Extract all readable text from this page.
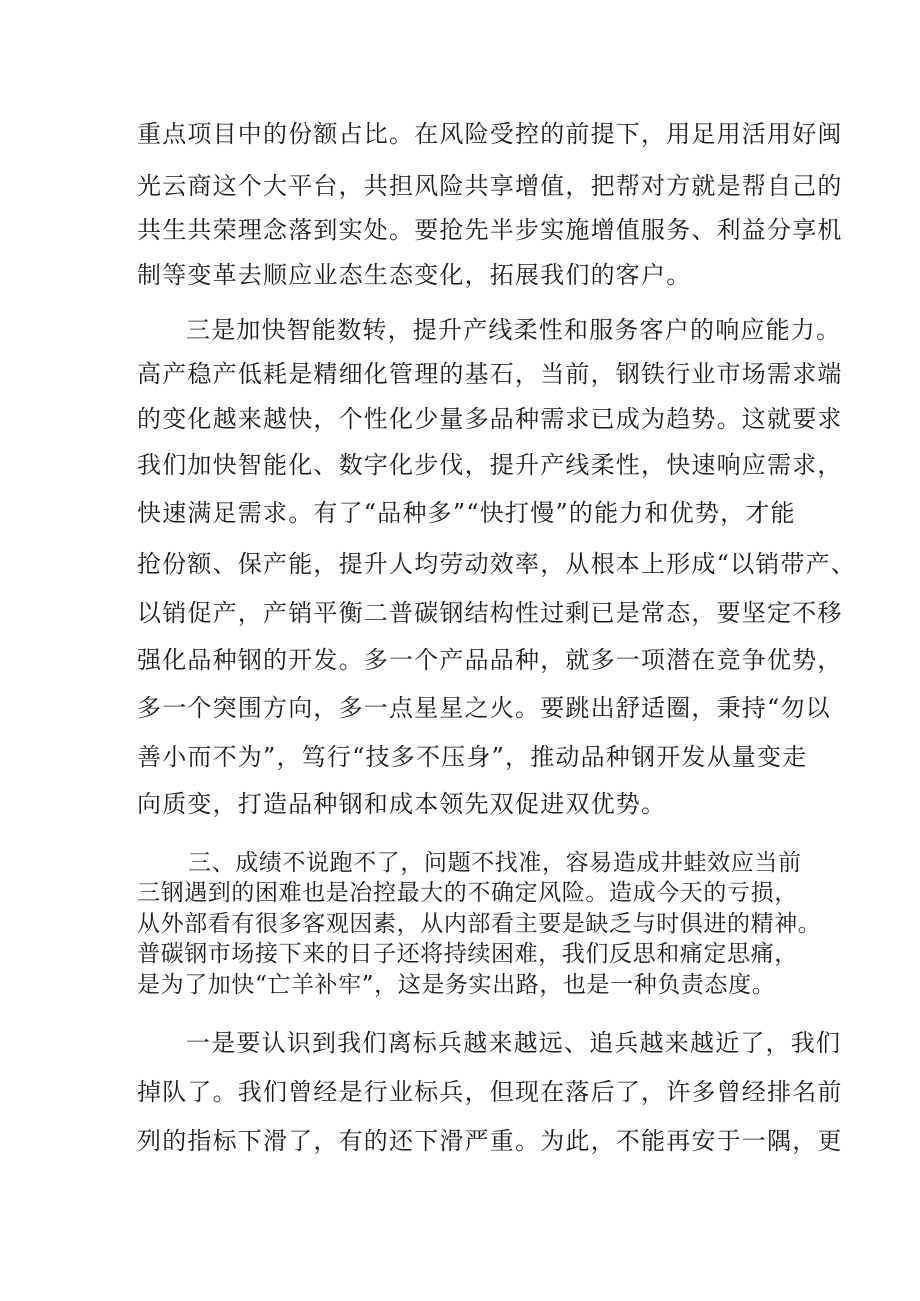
重点项目中的份额占比。在风险受控的前提下，用足用活用好闽
光云商这个大平台，共担风险共享增值，把帮对方就是帮自己的
共生共荣理念落到实处。要抢先半步实施增值服务、利益分享机
制等变革去顺应业态生态变化，拓展我们的客户。
三是加快智能数转，提升产线柔性和服务客户的响应能力。
高产稳产低耗是精细化管理的基石，当前，钢铁行业市场需求端
的变化越来越快，个性化少量多品种需求已成为趋势。这就要求
我们加快智能化、数字化步伐，提升产线柔性，快速响应需求，
快速满足需求。有了“品种多”“快打慢”的能力和优势，才能
抢份额、保产能，提升人均劳动效率，从根本上形成“以销带产、
以销促产，产销平衡二普碳钢结构性过剩已是常态，要坚定不移
强化品种钢的开发。多一个产品品种，就多一项潜在竞争优势，
多一个突围方向，多一点星星之火。要跳出舒适圈，秉持“勿以
善小而不为”，笃行“技多不压身”，推动品种钢开发从量变走
向质变，打造品种钢和成本领先双促进双优势。
三、成绩不说跑不了，问题不找准，容易造成井蛙效应当前
三钢遇到的困难也是冶控最大的不确定风险。造成今天的亏损，
从外部看有很多客观因素，从内部看主要是缺乏与时俱进的精神。
普碳钢市场接下来的日子还将持续困难，我们反思和痛定思痛，
是为了加快“亡羊补牢”，这是务实出路，也是一种负责态度。
一是要认识到我们离标兵越来越远、追兵越来越近了，我们
掉队了。我们曾经是行业标兵，但现在落后了，许多曾经排名前
列的指标下滑了，有的还下滑严重。为此，不能再安于一隅，更
